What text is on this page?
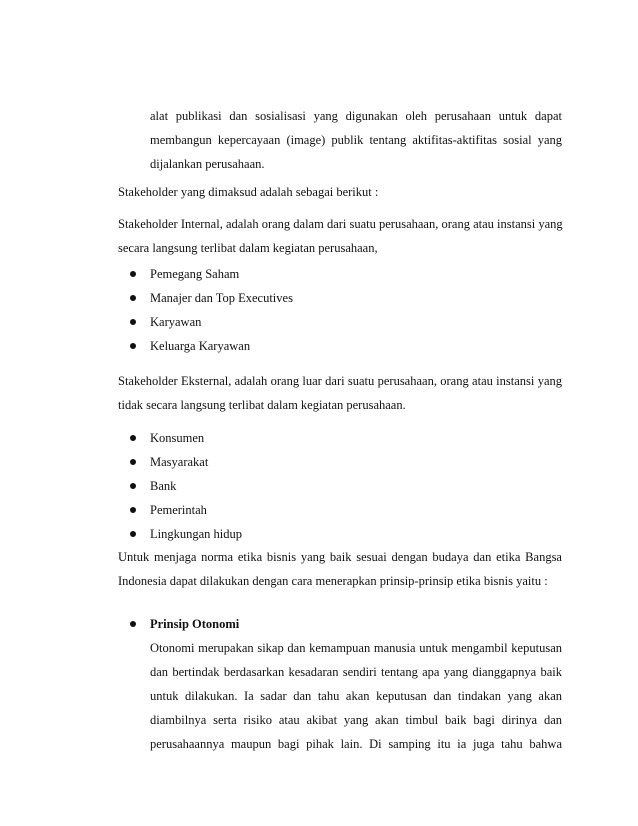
alat publikasi dan sosialisasi yang digunakan oleh perusahaan untuk dapat
membangun kepercayaan (image) publik tentang aktifitas-aktifitas sosial yang
dijalankan perusahaan.
Stakeholder yang dimaksud adalah sebagai berikut :
Stakeholder Internal, adalah orang dalam dari suatu perusahaan, orang atau instansi yang
secara langsung terlibat dalam kegiatan perusahaan,
Pemegang Saham
Manajer dan Top Executives
Karyawan
Keluarga Karyawan
Stakeholder Eksternal, adalah orang luar dari suatu perusahaan, orang atau instansi yang
tidak secara langsung terlibat dalam kegiatan perusahaan.
Konsumen
Masyarakat
Bank
Pemerintah
Lingkungan hidup
Untuk menjaga norma etika bisnis yang baik sesuai dengan budaya dan etika Bangsa
Indonesia dapat dilakukan dengan cara menerapkan prinsip-prinsip etika bisnis yaitu :
Prinsip Otonomi
Otonomi merupakan sikap dan kemampuan manusia untuk mengambil keputusan
dan bertindak berdasarkan kesadaran sendiri tentang apa yang dianggapnya baik
untuk dilakukan. Ia sadar dan tahu akan keputusan dan tindakan yang akan
diambilnya serta risiko atau akibat yang akan timbul baik bagi dirinya dan
perusahaannya maupun bagi pihak lain. Di samping itu ia juga tahu bahwa
